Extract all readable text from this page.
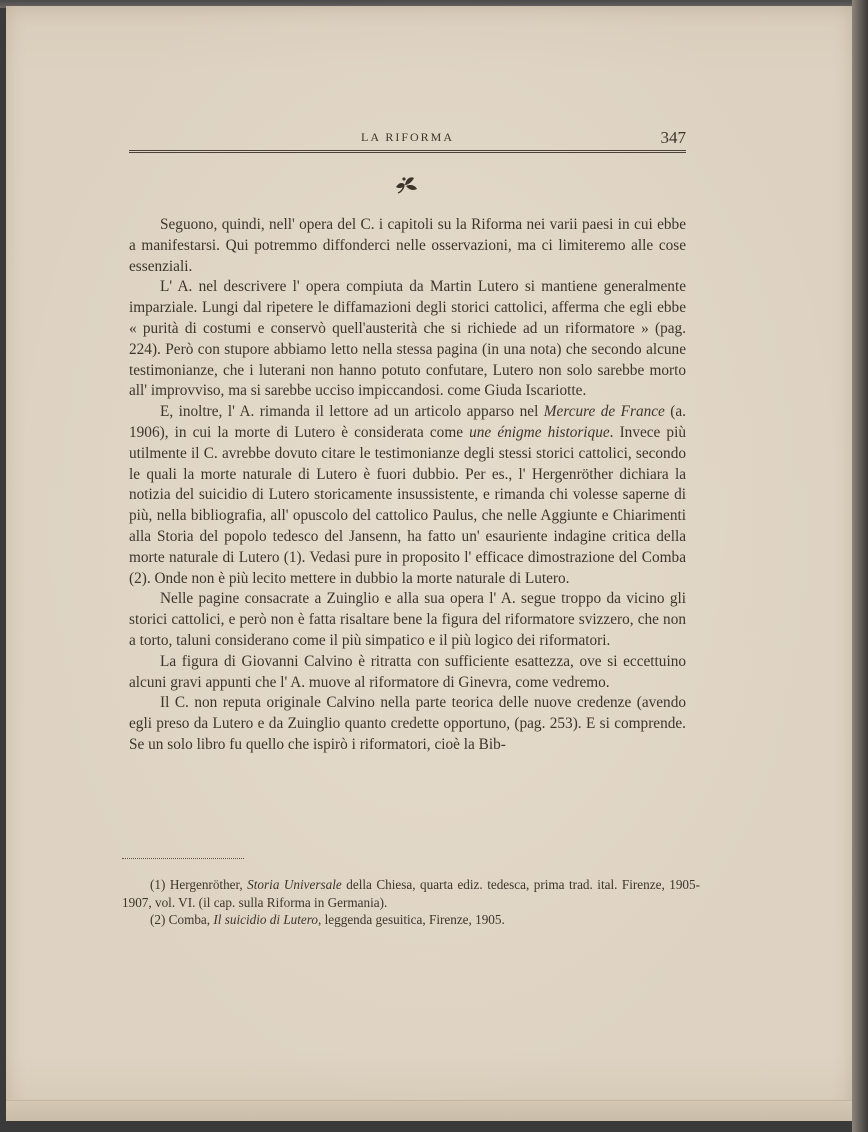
LA RIFORMA	347

Seguono, quindi, nell' opera del C. i capitoli su la Riforma nei varii paesi in cui ebbe a manifestarsi. Qui potremmo diffonderci nelle osservazioni, ma ci limiteremo alle cose essenziali.

L' A. nel descrivere l' opera compiuta da Martin Lutero si mantiene generalmente imparziale. Lungi dal ripetere le diffamazioni degli storici cattolici, afferma che egli ebbe « purità di costumi e conservò quell'austerità che si richiede ad un riformatore » (pag. 224). Però con stupore abbiamo letto nella stessa pagina (in una nota) che secondo alcune testimonianze, che i luterani non hanno potuto confutare, Lutero non solo sarebbe morto all' improvviso, ma si sarebbe ucciso impiccandosi. come Giuda Iscariotte.

E, inoltre, l' A. rimanda il lettore ad un articolo apparso nel Mercure de France (a. 1906), in cui la morte di Lutero è considerata come une énigme historique. Invece più utilmente il C. avrebbe dovuto citare le testimonianze degli stessi storici cattolici, secondo le quali la morte naturale di Lutero è fuori dubbio. Per es., l' Hergenröther dichiara la notizia del suicidio di Lutero storicamente insussistente, e rimanda chi volesse saperne di più, nella bibliografia, all' opuscolo del cattolico Paulus, che nelle Aggiunte e Chiarimenti alla Storia del popolo tedesco del Jansenn, ha fatto un' esauriente indagine critica della morte naturale di Lutero (1). Vedasi pure in proposito l' efficace dimostrazione del Comba (2). Onde non è più lecito mettere in dubbio la morte naturale di Lutero.

Nelle pagine consacrate a Zuinglio e alla sua opera l' A. segue troppo da vicino gli storici cattolici, e però non è fatta risaltare bene la figura del riformatore svizzero, che non a torto, taluni considerano come il più simpatico e il più logico dei riformatori.

La figura di Giovanni Calvino è ritratta con sufficiente esattezza, ove si eccettuino alcuni gravi appunti che l' A. muove al riformatore di Ginevra, come vedremo.

Il C. non reputa originale Calvino nella parte teorica delle nuove credenze (avendo egli preso da Lutero e da Zuinglio quanto credette opportuno, (pag. 253). E si comprende. Se un solo libro fu quello che ispirò i riformatori, cioè la Bib-

(1) Hergenröther, Storia Universale della Chiesa, quarta ediz. tedesca, prima trad. ital. Firenze, 1905-1907, vol. VI. (il cap. sulla Riforma in Germania).

(2) Comba, Il suicidio di Lutero, leggenda gesuitica, Firenze, 1905.
